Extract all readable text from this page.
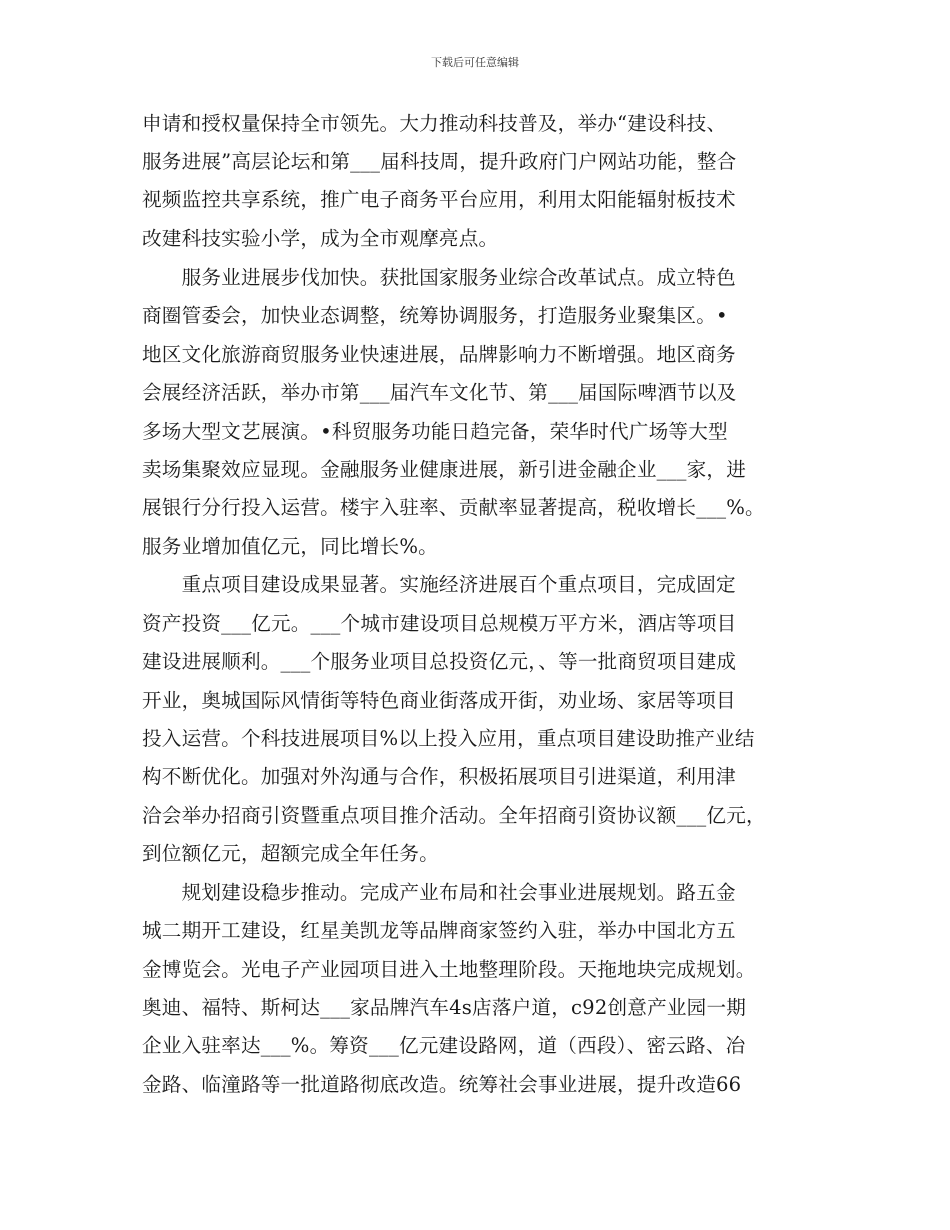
下载后可任意编辑
申请和授权量保持全市领先。大力推动科技普及，举办“建设科技、
服务进展”高层论坛和第___届科技周，提升政府门户网站功能，整合
视频监控共享系统，推广电子商务平台应用，利用太阳能辐射板技术
改建科技实验小学，成为全市观摩亮点。
　　服务业进展步伐加快。获批国家服务业综合改革试点。成立特色
商圈管委会，加快业态调整，统筹协调服务，打造服务业聚集区。•
地区文化旅游商贸服务业快速进展，品牌影响力不断增强。地区商务
会展经济活跃，举办市第___届汽车文化节、第___届国际啤酒节以及
多场大型文艺展演。•科贸服务功能日趋完备，荣华时代广场等大型
卖场集聚效应显现。金融服务业健康进展，新引进金融企业___家，进
展银行分行投入运营。楼宇入驻率、贡献率显著提高，税收增长___%。
服务业增加值亿元，同比增长%。
　　重点项目建设成果显著。实施经济进展百个重点项目，完成固定
资产投资___亿元。___个城市建设项目总规模万平方米，酒店等项目
建设进展顺利。___个服务业项目总投资亿元，、等一批商贸项目建成
开业，奥城国际风情街等特色商业街落成开街，劝业场、家居等项目
投入运营。个科技进展项目%以上投入应用，重点项目建设助推产业结
构不断优化。加强对外沟通与合作，积极拓展项目引进渠道，利用津
洽会举办招商引资暨重点项目推介活动。全年招商引资协议额___亿元，
到位额亿元，超额完成全年任务。
　　规划建设稳步推动。完成产业布局和社会事业进展规划。路五金
城二期开工建设，红星美凯龙等品牌商家签约入驻，举办中国北方五
金博览会。光电子产业园项目进入土地整理阶段。天拖地块完成规划。
奥迪、福特、斯柯达___家品牌汽车4s店落户道，c92创意产业园一期
企业入驻率达___%。筹资___亿元建设路网，道（西段）、密云路、冶
金路、临潼路等一批道路彻底改造。统筹社会事业进展，提升改造66
